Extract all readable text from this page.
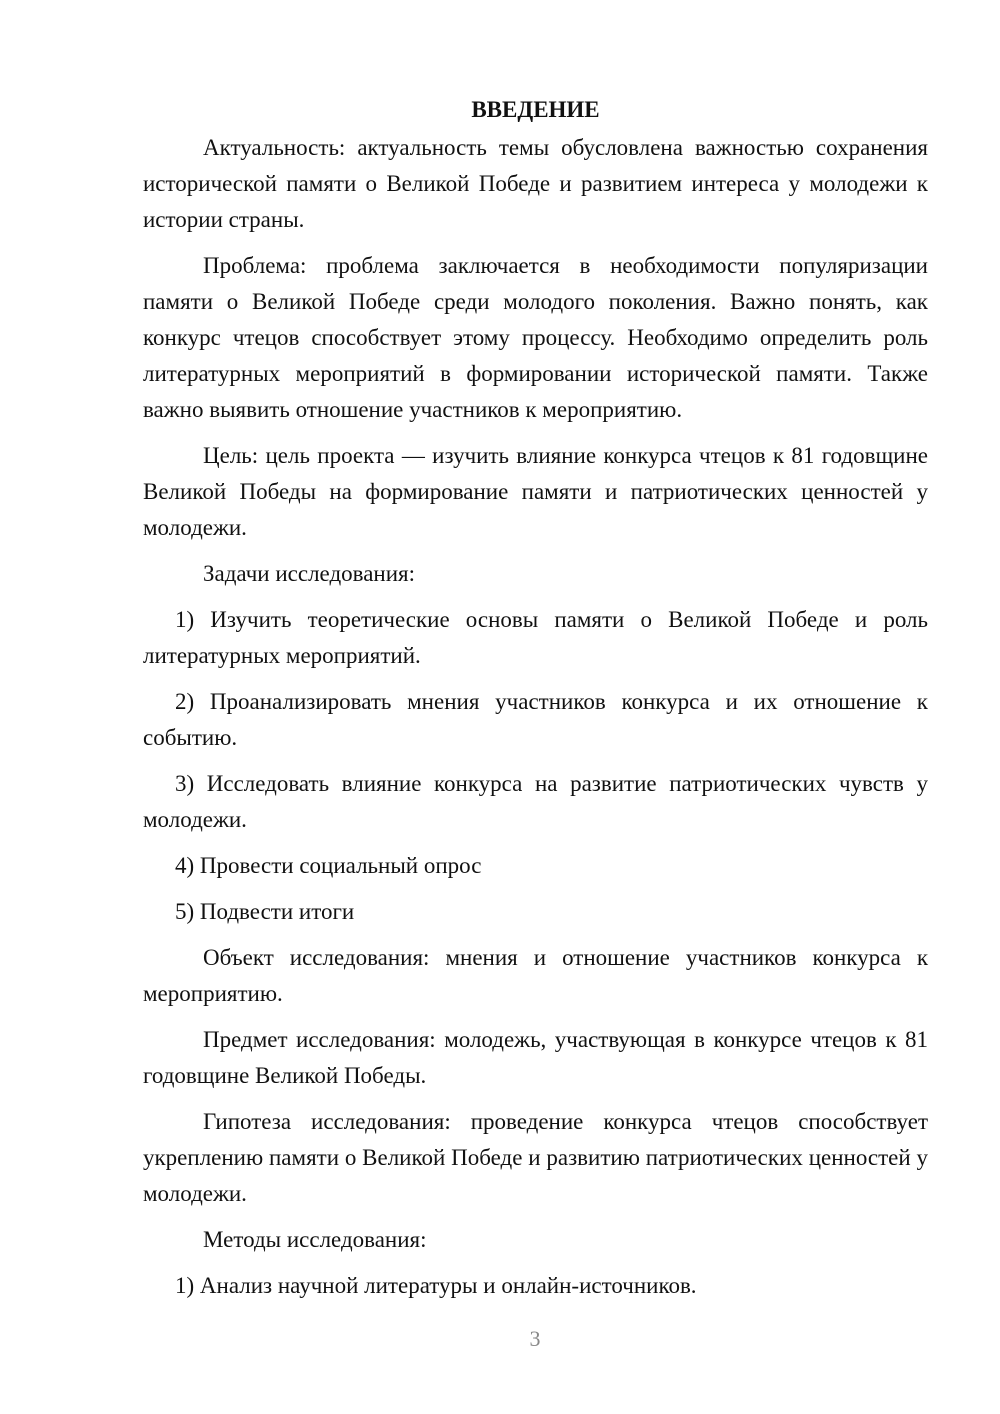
ВВЕДЕНИЕ

Актуальность: актуальность темы обусловлена важностью сохранения исторической памяти о Великой Победе и развитием интереса у молодежи к истории страны.

Проблема: проблема заключается в необходимости популяризации памяти о Великой Победе среди молодого поколения. Важно понять, как конкурс чтецов способствует этому процессу. Необходимо определить роль литературных мероприятий в формировании исторической памяти. Также важно выявить отношение участников к мероприятию.

Цель: цель проекта — изучить влияние конкурса чтецов к 81 годовщине Великой Победы на формирование памяти и патриотических ценностей у молодежи.

Задачи исследования:

1) Изучить теоретические основы памяти о Великой Победе и роль литературных мероприятий.

2) Проанализировать мнения участников конкурса и их отношение к событию.

3) Исследовать влияние конкурса на развитие патриотических чувств у молодежи.

4) Провести социальный опрос

5) Подвести итоги

Объект исследования: мнения и отношение участников конкурса к мероприятию.

Предмет исследования: молодежь, участвующая в конкурсе чтецов к 81 годовщине Великой Победы.

Гипотеза исследования: проведение конкурса чтецов способствует укреплению памяти о Великой Победе и развитию патриотических ценностей у молодежи.

Методы исследования:

1) Анализ научной литературы и онлайн-источников.

3
